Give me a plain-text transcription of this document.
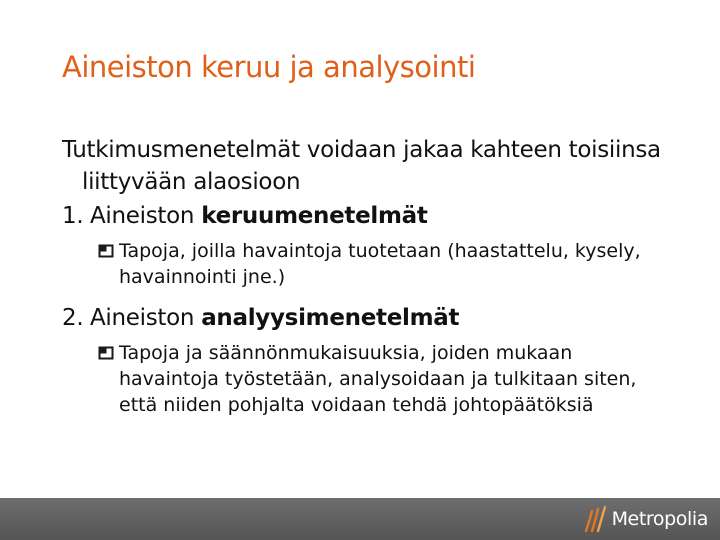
Aineiston keruu ja analysointi
Tutkimusmenetelmät voidaan jakaa kahteen toisiinsa liittyvään alaosioon
1. Aineiston keruumenetelmät
Tapoja, joilla havaintoja tuotetaan (haastattelu, kysely, havainnointi jne.)
2. Aineiston analyysimenetelmät
Tapoja ja säännönmukaisuuksia, joiden mukaan havaintoja työstetään, analysoidaan ja tulkitaan siten, että niiden pohjalta voidaan tehdä johtopäätöksiä
Metropolia
